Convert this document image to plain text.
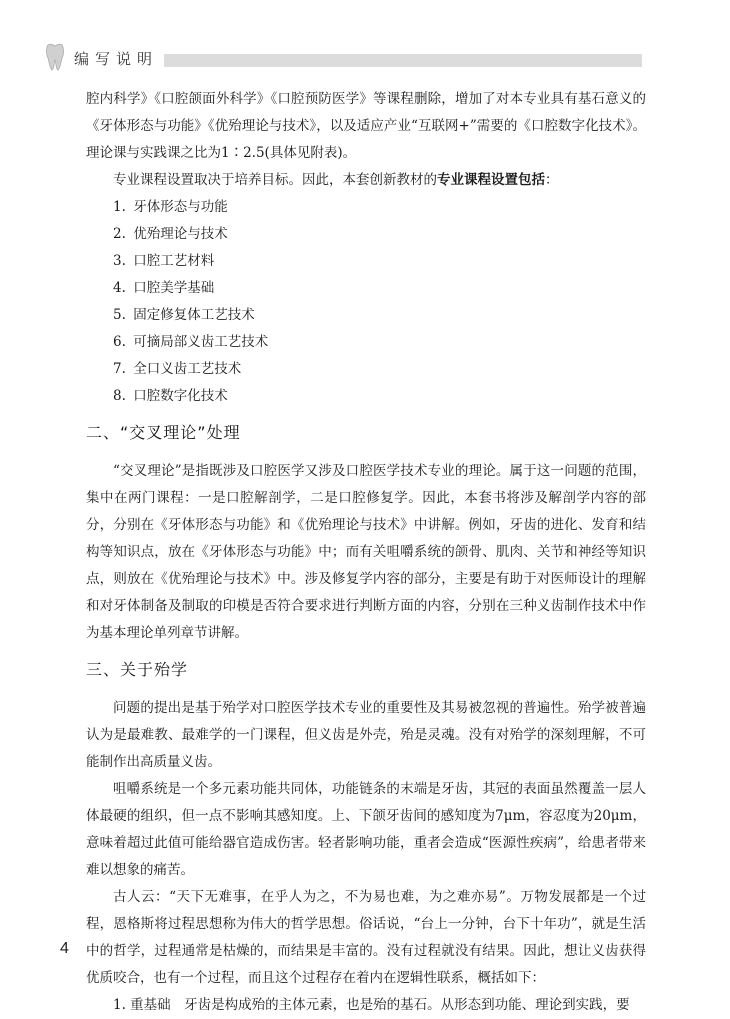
编写说明

腔内科学》《口腔颌面外科学》《口腔预防医学》等课程删除，增加了对本专业具有基石意义的《牙体形态与功能》《优殆理论与技术》，以及适应产业“互联网+”需要的《口腔数字化技术》。理论课与实践课之比为1∶2.5(具体见附表)。

专业课程设置取决于培养目标。因此，本套创新教材的专业课程设置包括：

1. 牙体形态与功能
2. 优殆理论与技术
3. 口腔工艺材料
4. 口腔美学基础
5. 固定修复体工艺技术
6. 可摘局部义齿工艺技术
7. 全口义齿工艺技术
8. 口腔数字化技术
二、“交叉理论”处理

“交叉理论”是指既涉及口腔医学又涉及口腔医学技术专业的理论。属于这一问题的范围，集中在两门课程：一是口腔解剖学，二是口腔修复学。因此，本套书将涉及解剖学内容的部分，分别在《牙体形态与功能》和《优殆理论与技术》中讲解。例如，牙齿的进化、发育和结构等知识点，放在《牙体形态与功能》中；而有关咀嚼系统的颌骨、肌肉、关节和神经等知识点，则放在《优殆理论与技术》中。涉及修复学内容的部分，主要是有助于对医师设计的理解和对牙体制备及制取的印模是否符合要求进行判断方面的内容，分别在三种义齿制作技术中作为基本理论单列章节讲解。

三、关于殆学

问题的提出是基于殆学对口腔医学技术专业的重要性及其易被忽视的普遍性。殆学被普遍认为是最难教、最难学的一门课程，但义齿是外壳，殆是灵魂。没有对殆学的深刻理解，不可能制作出高质量义齿。

咀嚼系统是一个多元素功能共同体，功能链条的末端是牙齿，其冠的表面虽然覆盖一层人体最硬的组织，但一点不影响其感知度。上、下颌牙齿间的感知度为7μm，容忍度为20μm，意味着超过此值可能给器官造成伤害。轻者影响功能，重者会造成“医源性疾病”，给患者带来难以想象的痛苦。

古人云：“天下无难事，在乎人为之，不为易也难，为之难亦易”。万物发展都是一个过程，恩格斯将过程思想称为伟大的哲学思想。俗话说，“台上一分钟，台下十年功”，就是生活中的哲学，过程通常是枯燥的，而结果是丰富的。没有过程就没有结果。因此，想让义齿获得优质咬合，也有一个过程，而且这个过程存在着内在逻辑性联系，概括如下：

1. 重基础  牙齿是构成殆的主体元素，也是殆的基石。从形态到功能、理论到实践，要

4
